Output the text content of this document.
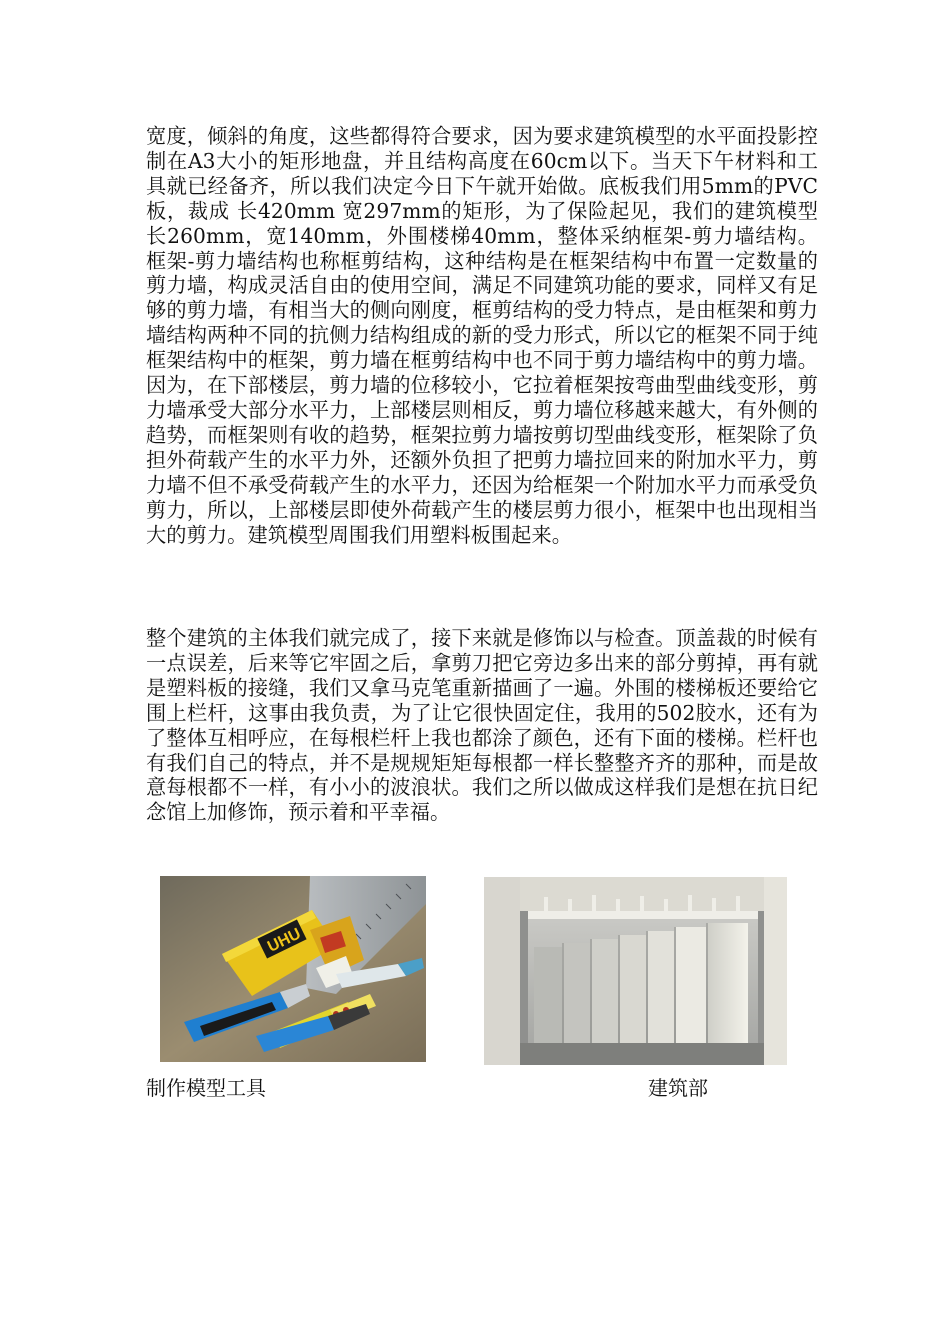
宽度，倾斜的角度，这些都得符合要求，因为要求建筑模型的水平面投影控制在A3大小的矩形地盘，并且结构高度在60cm以下。当天下午材料和工具就已经备齐，所以我们决定今日下午就开始做。底板我们用5mm的PVC板，裁成 长420mm 宽297mm的矩形，为了保险起见，我们的建筑模型长260mm，宽140mm，外围楼梯40mm，整体采纳框架-剪力墙结构。框架-剪力墙结构也称框剪结构，这种结构是在框架结构中布置一定数量的剪力墙，构成灵活自由的使用空间，满足不同建筑功能的要求，同样又有足够的剪力墙，有相当大的侧向刚度，框剪结构的受力特点，是由框架和剪力墙结构两种不同的抗侧力结构组成的新的受力形式，所以它的框架不同于纯框架结构中的框架，剪力墙在框剪结构中也不同于剪力墙结构中的剪力墙。因为，在下部楼层，剪力墙的位移较小，它拉着框架按弯曲型曲线变形，剪力墙承受大部分水平力，上部楼层则相反，剪力墙位移越来越大，有外侧的趋势，而框架则有收的趋势，框架拉剪力墙按剪切型曲线变形，框架除了负担外荷载产生的水平力外，还额外负担了把剪力墙拉回来的附加水平力，剪力墙不但不承受荷载产生的水平力，还因为给框架一个附加水平力而承受负剪力，所以，上部楼层即使外荷载产生的楼层剪力很小，框架中也出现相当大的剪力。建筑模型周围我们用塑料板围起来。

整个建筑的主体我们就完成了，接下来就是修饰以与检查。顶盖裁的时候有一点误差，后来等它牢固之后，拿剪刀把它旁边多出来的部分剪掉，再有就是塑料板的接缝，我们又拿马克笔重新描画了一遍。外围的楼梯板还要给它围上栏杆，这事由我负责，为了让它很快固定住，我用的502胶水，还有为了整体互相呼应，在每根栏杆上我也都涂了颜色，还有下面的楼梯。栏杆也有我们自己的特点，并不是规规矩矩每根都一样长整整齐齐的那种，而是故意每根都不一样，有小小的波浪状。我们之所以做成这样我们是想在抗日纪念馆上加修饰，预示着和平幸福。

UHU

制作模型工具	建筑部
